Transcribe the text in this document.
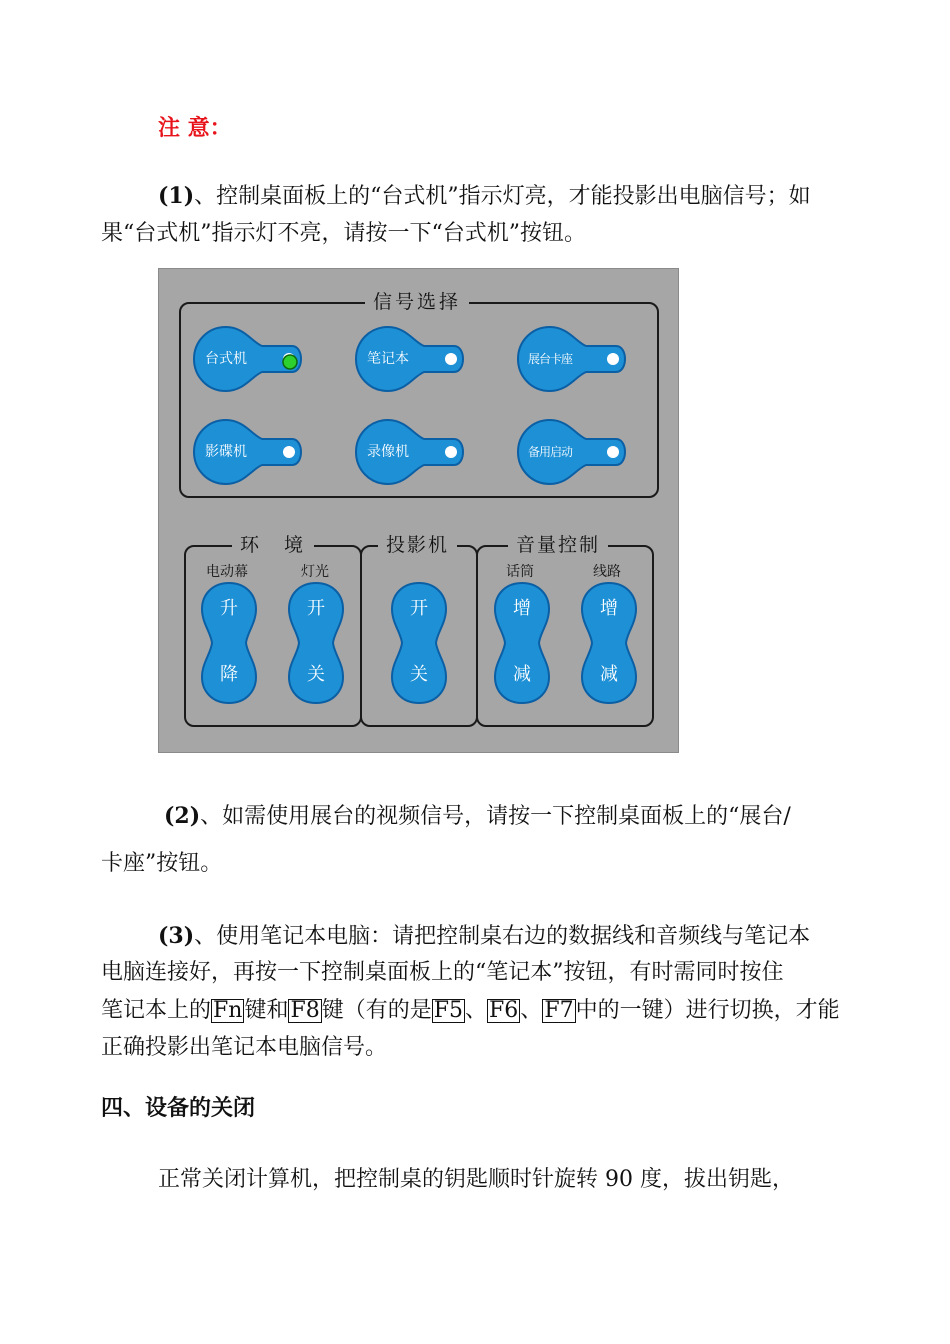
注 意：
(1)、控制桌面板上的“台式机”指示灯亮，才能投影出电脑信号；如
果“台式机”指示灯不亮，请按一下“台式机”按钮。
信号选择
台式机	笔记本	展台卡座
影碟机	录像机	备用启动
环　境
电动幕	灯光
投影机	音量控制
话筒	线路
升
降
开
关
开
关
增
减
增
减
(2)、如需使用展台的视频信号，请按一下控制桌面板上的“展台/
卡座”按钮。
(3)、使用笔记本电脑：请把控制桌右边的数据线和音频线与笔记本
电脑连接好，再按一下控制桌面板上的“笔记本”按钮，有时需同时按住
笔记本上的Fn键和F8键（有的是F5、F6、F7中的一键）进行切换，才能
正确投影出笔记本电脑信号。
四、设备的关闭
正常关闭计算机，把控制桌的钥匙顺时针旋转 90 度，拔出钥匙，
